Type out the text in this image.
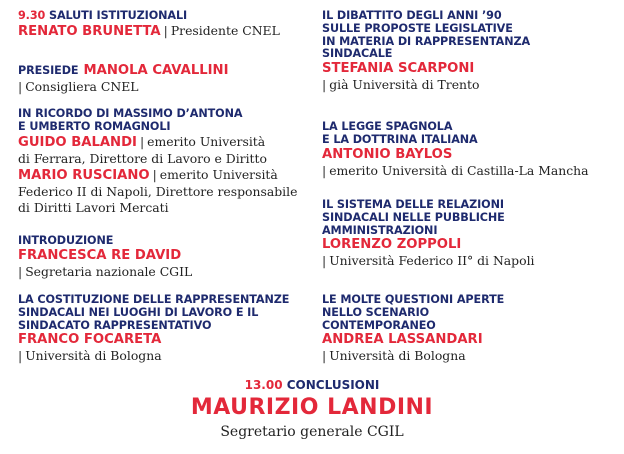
9.30 SALUTI ISTITUZIONALI
RENATO BRUNETTA | Presidente CNEL
PRESIEDE MANOLA CAVALLINI
| Consigliera CNEL
IN RICORDO DI MASSIMO D’ANTONA
E UMBERTO ROMAGNOLI
GUIDO BALANDI | emerito Università
di Ferrara, Direttore di Lavoro e Diritto
MARIO RUSCIANO | emerito Università
Federico II di Napoli, Direttore responsabile
di Diritti Lavori Mercati
INTRODUZIONE
FRANCESCA RE DAVID
| Segretaria nazionale CGIL
LA COSTITUZIONE DELLE RAPPRESENTANZE
SINDACALI NEI LUOGHI DI LAVORO E IL
SINDACATO RAPPRESENTATIVO
FRANCO FOCARETA
| Università di Bologna
IL DIBATTITO DEGLI ANNI ’90
SULLE PROPOSTE LEGISLATIVE
IN MATERIA DI RAPPRESENTANZA
SINDACALE
STEFANIA SCARPONI
| già Università di Trento
LA LEGGE SPAGNOLA
E LA DOTTRINA ITALIANA
ANTONIO BAYLOS
| emerito Università di Castilla-La Mancha
IL SISTEMA DELLE RELAZIONI
SINDACALI NELLE PUBBLICHE
AMMINISTRAZIONI
LORENZO ZOPPOLI
| Università Federico II° di Napoli
LE MOLTE QUESTIONI APERTE
NELLO SCENARIO
CONTEMPORANEO
ANDREA LASSANDARI
| Università di Bologna
13.00 CONCLUSIONI
MAURIZIO LANDINI
Segretario generale CGIL
